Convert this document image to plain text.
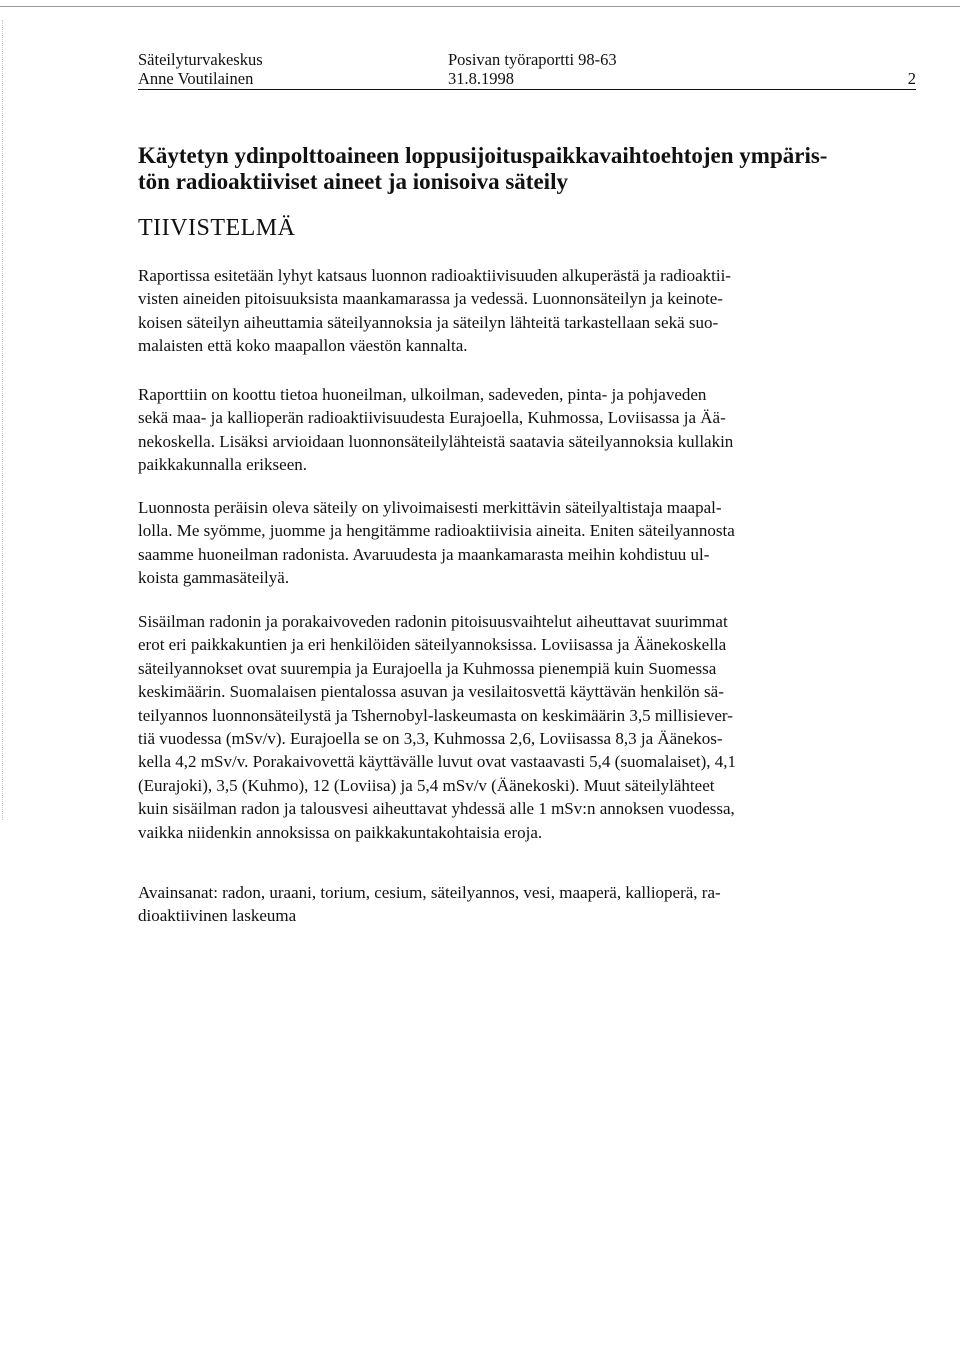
Säteilyturvakeskus	Posivan työraportti 98-63
Anne Voutilainen	31.8.1998	2
Käytetyn ydinpolttoaineen loppusijoituspaikkavaihtoehtojen ympäris-
tön radioaktiiviset aineet ja ionisoiva säteily
TIIVISTELMÄ
Raportissa esitetään lyhyt katsaus luonnon radioaktiivisuuden alkuperästä ja radioaktii-
visten aineiden pitoisuuksista maankamarassa ja vedessä. Luonnonsäteilyn ja keinote-
koisen säteilyn aiheuttamia säteilyannoksia ja säteilyn lähteitä tarkastellaan sekä suo-
malaisten että koko maapallon väestön kannalta.
Raporttiin on koottu tietoa huoneilman, ulkoilman, sadeveden, pinta- ja pohjaveden
sekä maa- ja kallioperän radioaktiivisuudesta Eurajoella, Kuhmossa, Loviisassa ja Ää-
nekoskella. Lisäksi arvioidaan luonnonsäteilylähteistä saatavia säteilyannoksia kullakin
paikkakunnalla erikseen.
Luonnosta peräisin oleva säteily on ylivoimaisesti merkittävin säteilyaltistaja maapal-
lolla. Me syömme, juomme ja hengitämme radioaktiivisia aineita. Eniten säteilyannosta
saamme huoneilman radonista. Avaruudesta ja maankamarasta meihin kohdistuu ul-
koista gammasäteilyä.
Sisäilman radonin ja porakaivoveden radonin pitoisuusvaihtelut aiheuttavat suurimmat
erot eri paikkakuntien ja eri henkilöiden säteilyannoksissa. Loviisassa ja Äänekoskella
säteilyannokset ovat suurempia ja Eurajoella ja Kuhmossa pienempiä kuin Suomessa
keskimäärin. Suomalaisen pientalossa asuvan ja vesilaitosvettä käyttävän henkilön sä-
teilyannos luonnonsäteilystä ja Tshernobyl-laskeumasta on keskimäärin 3,5 millisiever-
tiä vuodessa (mSv/v). Eurajoella se on 3,3, Kuhmossa 2,6, Loviisassa 8,3 ja Äänekos-
kella 4,2 mSv/v. Porakaivovettä käyttävälle luvut ovat vastaavasti 5,4 (suomalaiset), 4,1
(Eurajoki), 3,5 (Kuhmo), 12 (Loviisa) ja 5,4 mSv/v (Äänekoski). Muut säteilylähteet
kuin sisäilman radon ja talousvesi aiheuttavat yhdessä alle 1 mSv:n annoksen vuodessa,
vaikka niidenkin annoksissa on paikkakuntakohtaisia eroja.
Avainsanat: radon, uraani, torium, cesium, säteilyannos, vesi, maaperä, kallioperä, ra-
dioaktiivinen laskeuma
